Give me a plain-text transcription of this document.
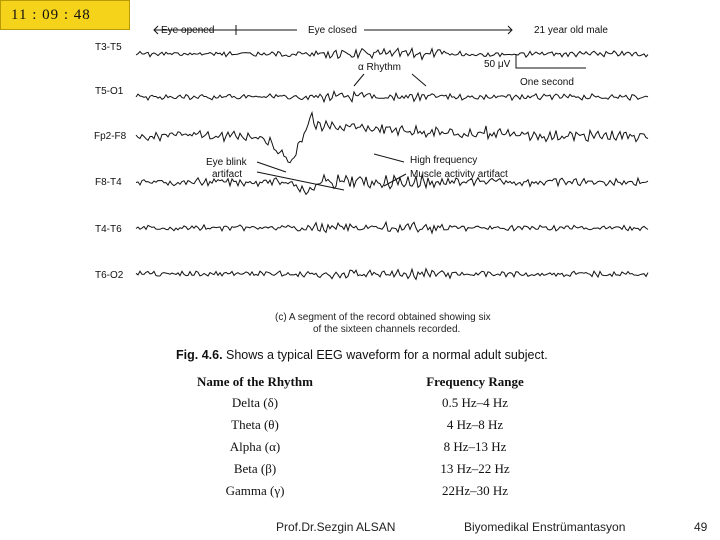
11 : 09 : 48
Eye opened	Eye closed	21 year old male
α Rhythm	50 μV
One second
Eye blink
artifact
High frequency
Muscle activity artifact
T3-T5
T5-O1
Fp2-F8
F8-T4
T4-T6
T6-O2
(c) A segment of the record obtained showing six
of the sixteen channels recorded.
Fig. 4.6. Shows a typical EEG waveform for a normal adult subject.
Name of the Rhythm		Frequency Range
Delta (δ)		0.5 Hz–4 Hz
Theta (θ)		4 Hz–8 Hz
Alpha (α)		8 Hz–13 Hz
Beta (β)		13 Hz–22 Hz
Gamma (γ)		22Hz–30 Hz
Prof.Dr.Sezgin ALSAN	Biyomedikal Enstrümantasyon	49
